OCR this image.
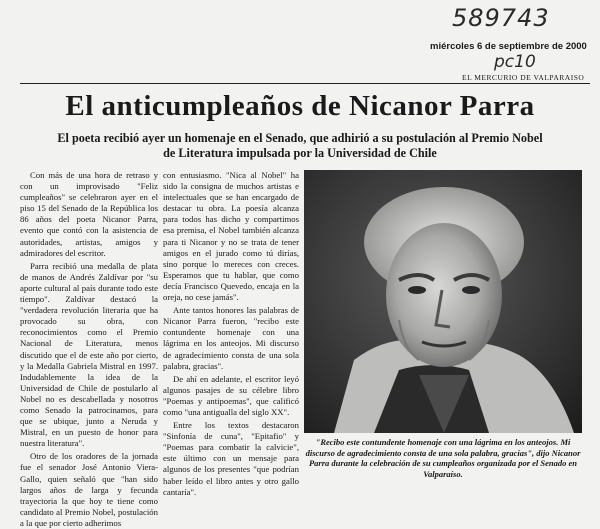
589743
pc10
miércoles 6 de septiembre de 2000
EL MERCURIO DE VALPARAISO
El anticumpleaños de Nicanor Parra
El poeta recibió ayer un homenaje en el Senado, que adhirió a su postulación al Premio Nobel de Literatura impulsada por la Universidad de Chile

Con más de una hora de retraso y con un improvisado "Feliz cumpleaños" se celebraron ayer en el piso 15 del Senado de la República los 86 años del poeta Nicanor Parra, evento que contó con la asistencia de autoridades, artistas, amigos y admiradores del escritor.

Parra recibió una medalla de plata de manos de Andrés Zaldívar por "su aporte cultural al país durante todo este tiempo". Zaldívar destacó la "verdadera revolución literaria que ha provocado su obra, con reconocimientos como el Premio Nacional de Literatura, menos discutido que el de este año por cierto, y la Medalla Gabriela Mistral en 1997. Indudablemente la idea de la Universidad de Chile de postularlo al Nobel no es descabellada y nosotros como Senado la patrocinamos, para que se ubique, junto a Neruda y Mistral, en un puesto de honor para nuestra literatura".

Otro de los oradores de la jornada fue el senador José Antonio Viera-Gallo, quien señaló que "han sido largos años de larga y fecunda trayectoria la que hoy te tiene como candidato al Premio Nobel, postulación a la que por cierto adherimos

con entusiasmo. "Nica al Nobel" ha sido la consigna de muchos artistas e intelectuales que se han encargado de destacar tu obra. La poesía alcanza para todos has dicho y compartimos esa premisa, el Nobel también alcanza para ti Nicanor y no se trata de tener amigos en el jurado como tú dirías, sino porque lo mereces con creces. Esperamos que tu hablar, que como decía Francisco Quevedo, encaja en la oreja, no cese jamás".

Ante tantos honores las palabras de Nicanor Parra fueron, "recibo este contundente homenaje con una lágrima en los anteojos. Mi discurso de agradecimiento consta de una sola palabra, gracias".

De ahí en adelante, el escritor leyó algunos pasajes de su célebre libro "Poemas y antipoemas", que calificó como "una antigualla del siglo XX".

Entre los textos destacaron "Sinfonía de cuna", "Epitafio" y "Poemas para combatir la calvicie", este último con un mensaje para algunos de los presentes "que podrían haber leído el libro antes y otro gallo cantaría".

"Recibo este contundente homenaje con una lágrima en los anteojos. Mi discurso de agradecimiento consta de una sola palabra, gracias", dijo Nicanor Parra durante la celebración de su cumpleaños organizada por el Senado en Valparaíso.
